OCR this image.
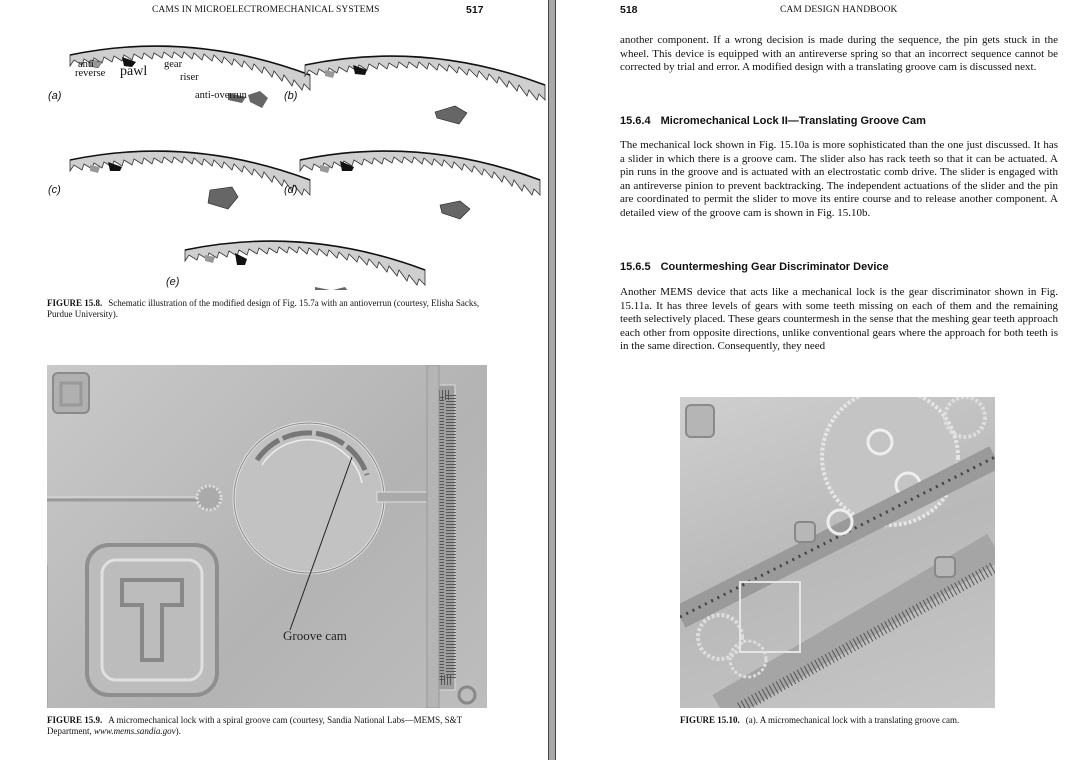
CAMS IN MICROELECTROMECHANICAL SYSTEMS	517
anti
reverse pawl gear
riser
anti-overrun
(a)	(b)
(c)	(d)
(e)
FIGURE 15.8. Schematic illustration of the modified design of Fig. 15.7a with an antioverrun (courtesy, Elisha Sacks, Purdue University).
Groove cam
FIGURE 15.9. A micromechanical lock with a spiral groove cam (courtesy, Sandia National Labs—MEMS, S&T Department, www.mems.sandia.gov).
518	CAM DESIGN HANDBOOK

another component. If a wrong decision is made during the sequence, the pin gets stuck in the wheel. This device is equipped with an antireverse spring so that an incorrect sequence cannot be corrected by trial and error. A modified design with a translating groove cam is discussed next.

15.6.4 Micromechanical Lock II—Translating Groove Cam

The mechanical lock shown in Fig. 15.10a is more sophisticated than the one just discussed. It has a slider in which there is a groove cam. The slider also has rack teeth so that it can be actuated. A pin runs in the groove and is actuated with an electrostatic comb drive. The slider is engaged with an antireverse pinion to prevent backtracking. The independent actuations of the slider and the pin are coordinated to permit the slider to move its entire course and to release another component. A detailed view of the groove cam is shown in Fig. 15.10b.

15.6.5 Countermeshing Gear Discriminator Device

Another MEMS device that acts like a mechanical lock is the gear discriminator shown in Fig. 15.11a. It has three levels of gears with some teeth missing on each of them and the remaining teeth selectively placed. These gears countermesh in the sense that the meshing gear teeth approach each other from opposite directions, unlike conventional gears where the approach for both teeth is in the same direction. Consequently, they need

FIGURE 15.10. (a). A micromechanical lock with a translating groove cam.
